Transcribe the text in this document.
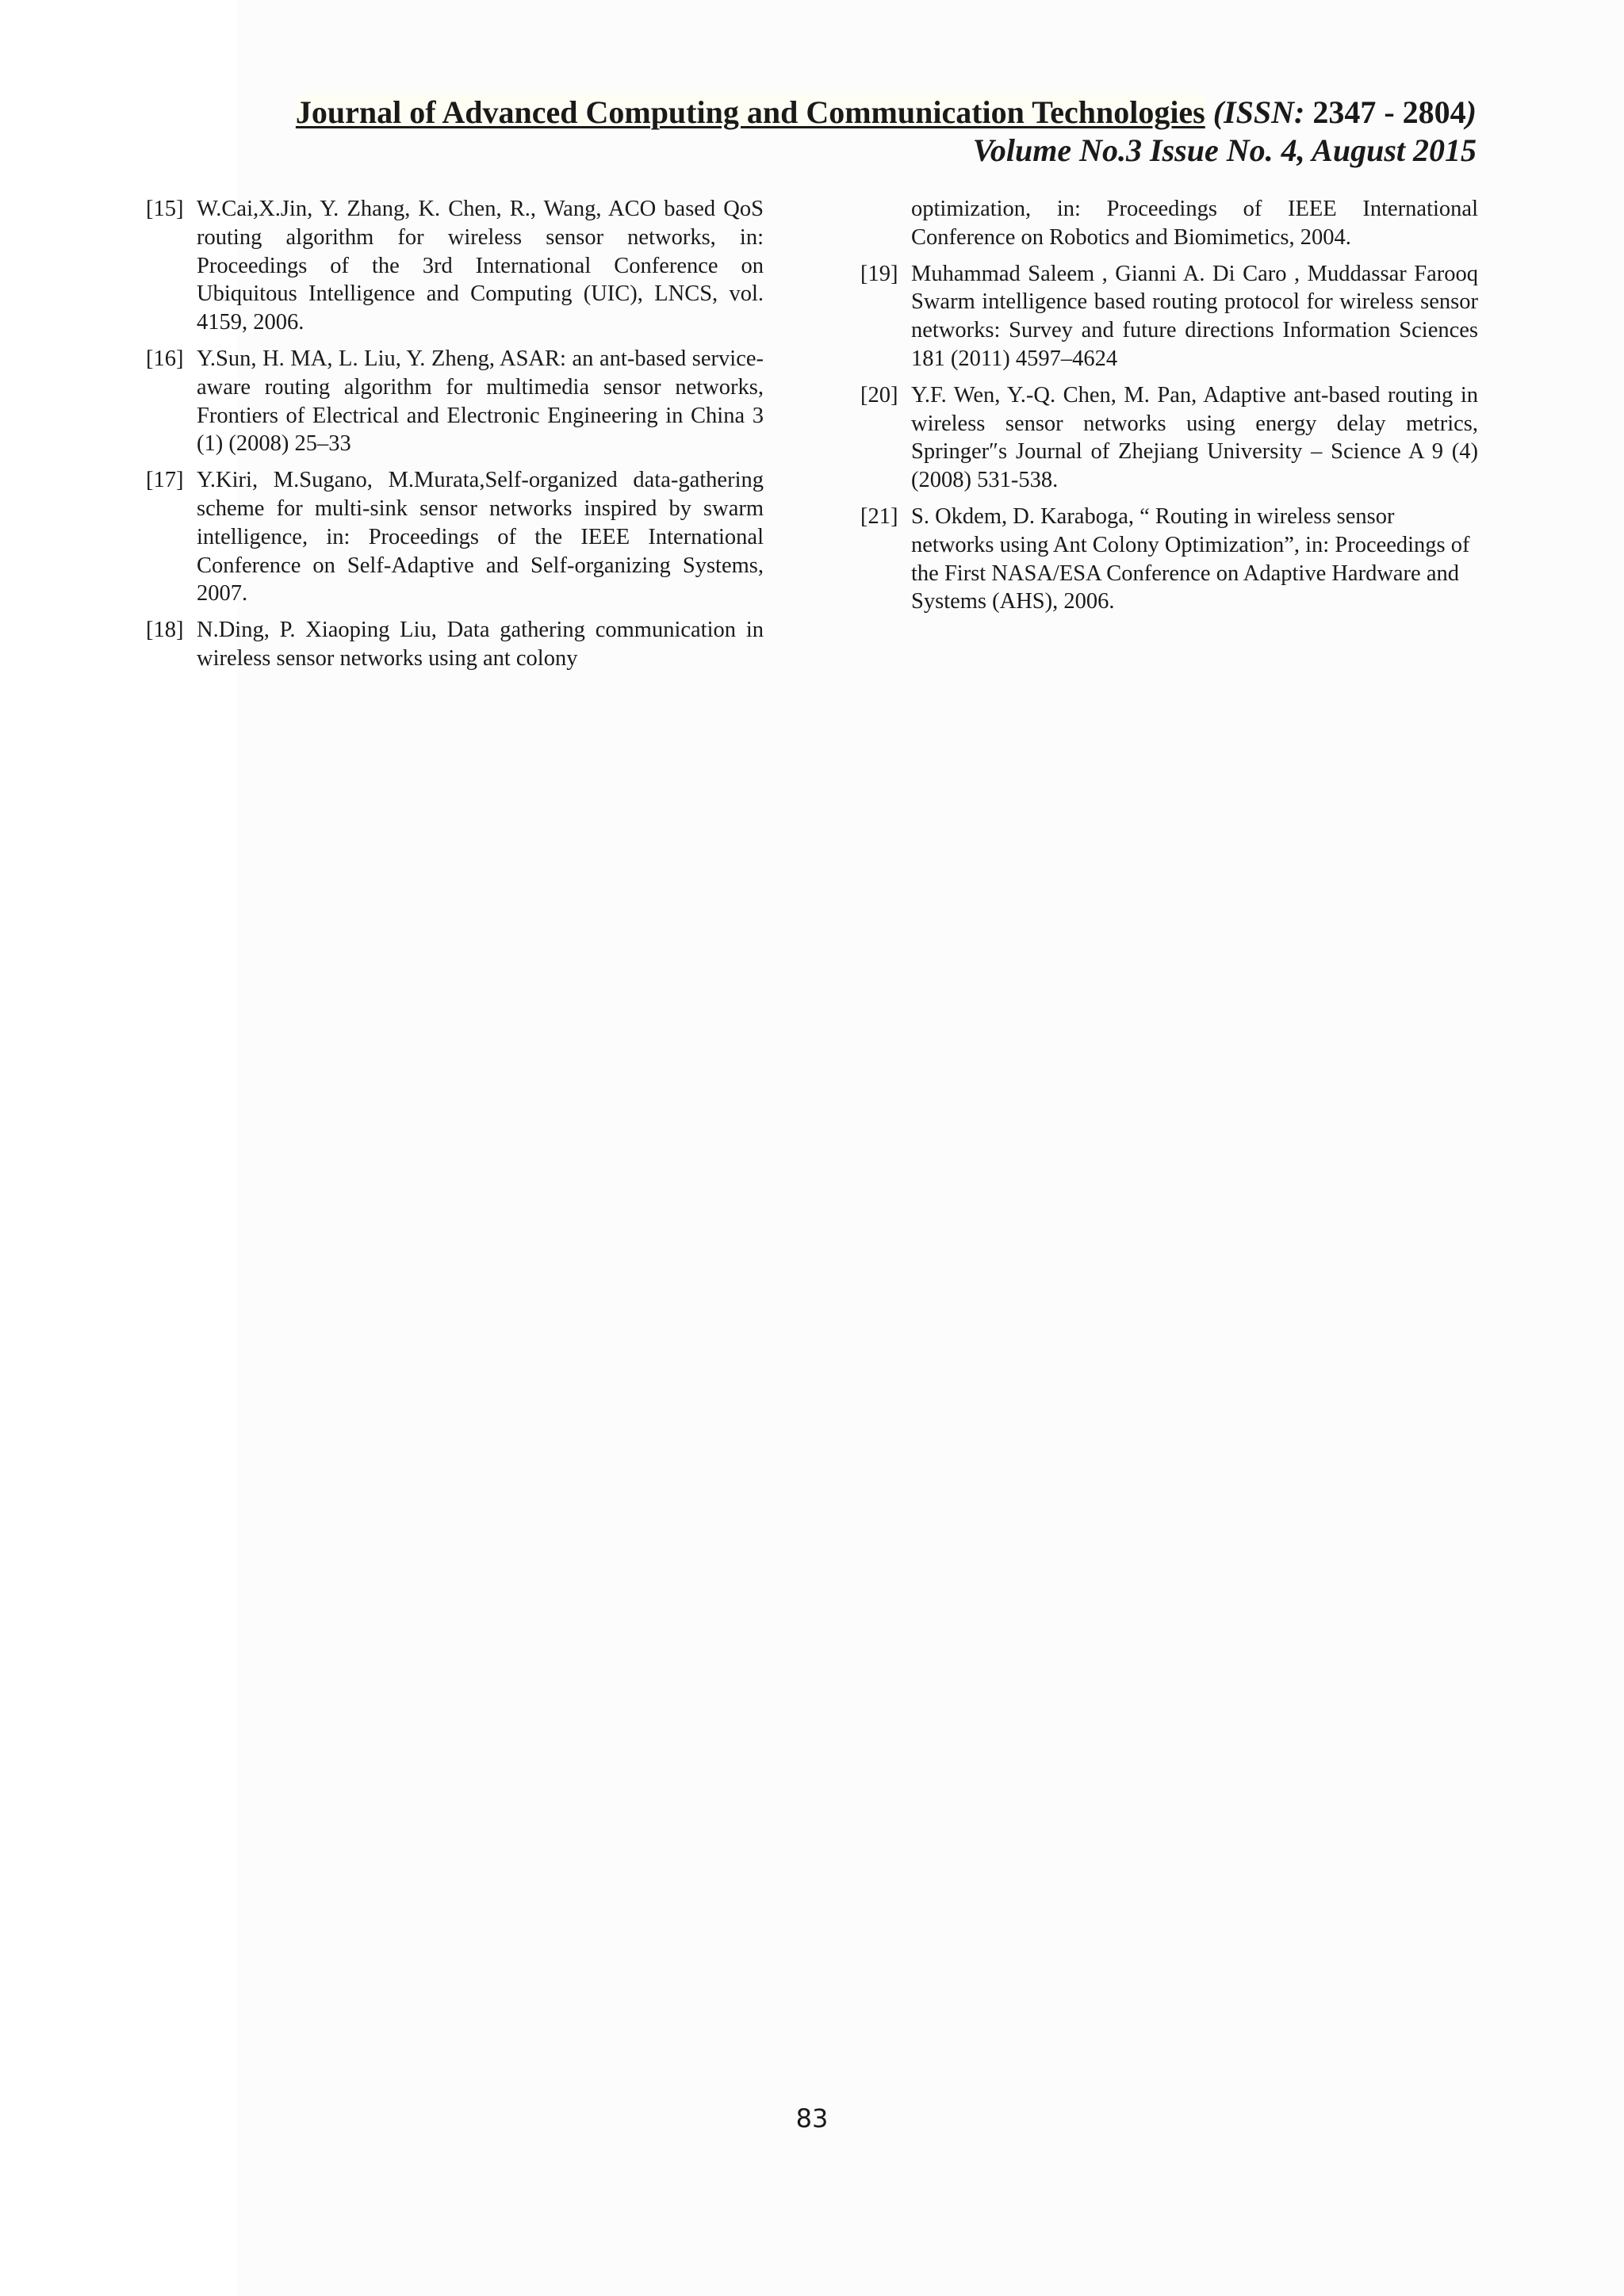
Journal of Advanced Computing and Communication Technologies (ISSN: 2347 - 2804)
Volume No.3 Issue No. 4, August 2015
[15] W.Cai,X.Jin, Y. Zhang, K. Chen, R., Wang, ACO based QoS routing algorithm for wireless sensor networks, in: Proceedings of the 3rd International Conference on Ubiquitous Intelligence and Computing (UIC), LNCS, vol. 4159, 2006.
[16] Y.Sun, H. MA, L. Liu, Y. Zheng, ASAR: an ant-based service-aware routing algorithm for multimedia sensor networks, Frontiers of Electrical and Electronic Engineering in China 3 (1) (2008) 25–33
[17] Y.Kiri, M.Sugano, M.Murata,Self-organized data-gathering scheme for multi-sink sensor networks inspired by swarm intelligence, in: Proceedings of the IEEE International Conference on Self-Adaptive and Self-organizing Systems, 2007.
[18] N.Ding, P. Xiaoping Liu, Data gathering communication in wireless sensor networks using ant colony
optimization, in: Proceedings of IEEE International Conference on Robotics and Biomimetics, 2004.
[19] Muhammad Saleem , Gianni A. Di Caro , Muddassar Farooq Swarm intelligence based routing protocol for wireless sensor networks: Survey and future directions Information Sciences 181 (2011) 4597–4624
[20] Y.F. Wen, Y.-Q. Chen, M. Pan, Adaptive ant-based routing in wireless sensor networks using energy delay metrics, Springer″s Journal of Zhejiang University – Science A 9 (4) (2008) 531-538.
[21] S. Okdem, D. Karaboga, “ Routing in wireless sensor networks using Ant Colony Optimization”, in: Proceedings of the First NASA/ESA Conference on Adaptive Hardware and Systems (AHS), 2006.
83
